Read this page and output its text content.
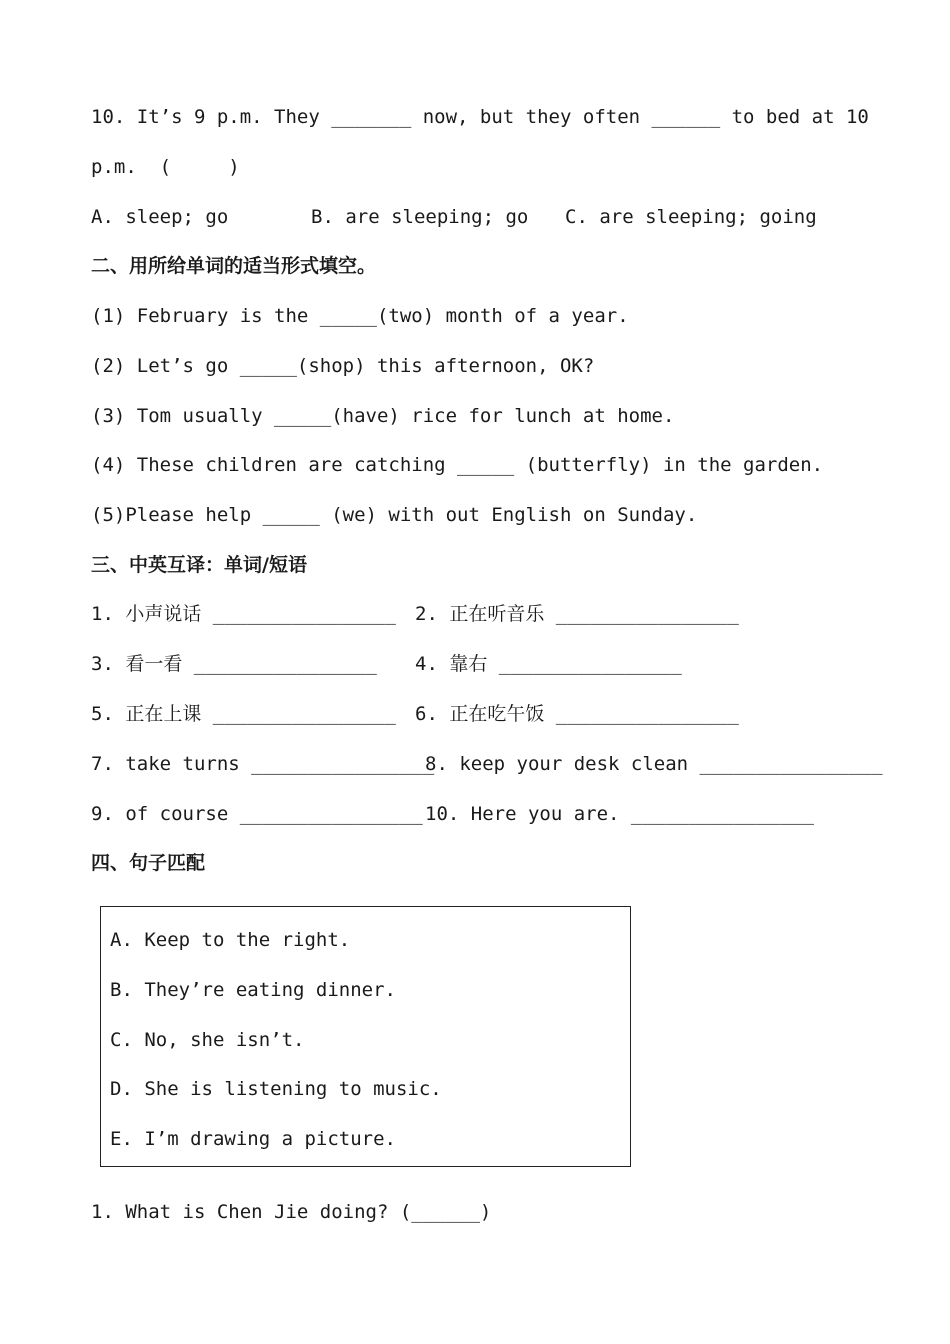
10. It’s 9 p.m. They _______ now, but they often ______ to bed at 10
p.m.  (     )
A. sleep; go	B. are sleeping; go C. are sleeping; going
二、用所给单词的适当形式填空。
(1) February is the _____(two) month of a year.
(2) Let’s go _____(shop) this afternoon, OK?
(3) Tom usually _____(have) rice for lunch at home.
(4) These children are catching _____ (butterfly) in the garden.
(5)Please help _____ (we) with out English on Sunday.
三、中英互译：单词/短语
1. 小声说话 ________________ 2. 正在听音乐 ________________
3. 看一看 ________________ 4. 靠右 ________________
5. 正在上课 ________________ 6. 正在吃午饭 ________________
7. take turns ________________
8. keep your desk clean ________________
9. of course ________________ 10. Here you are. ________________
四、句子匹配
A. Keep to the right.
B. They’re eating dinner.
C. No, she isn’t.
D. She is listening to music.
E. I’m drawing a picture.
1. What is Chen Jie doing? (______)
